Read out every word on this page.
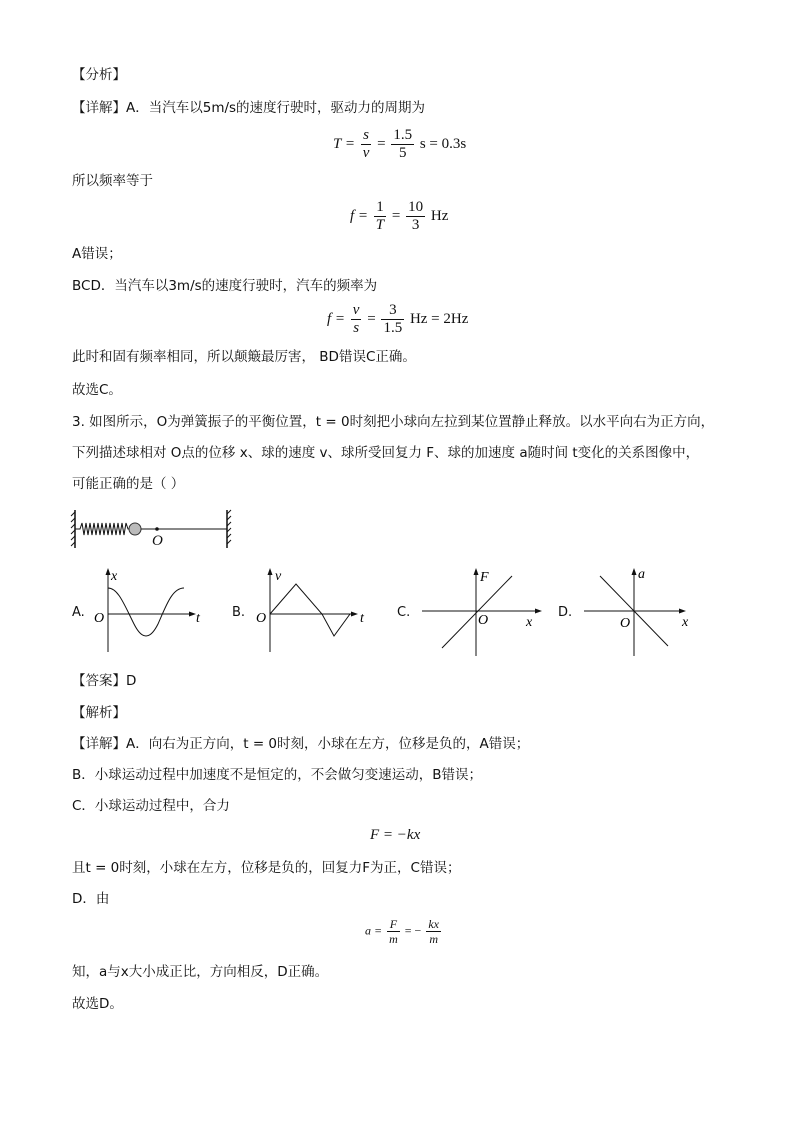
【分析】
【详解】A．当汽车以5m/s的速度行驶时，驱动力的周期为
$T = \frac{s}{v} = \frac{1.5}{5}$ s = 0.3s
所以频率等于
$f = \frac{1}{T} = \frac{10}{3}$ Hz
A错误；
BCD．当汽车以3m/s的速度行驶时，汽车的频率为
$f = \frac{v}{s} = \frac{3}{1.5}$ Hz = 2Hz
此时和固有频率相同，所以颠簸最厉害， BD错误C正确。
故选C。
3. 如图所示，O为弹簧振子的平衡位置，t = 0时刻把小球向左拉到某位置静止释放。以水平向右为正方向，
下列描述球相对 O点的位移 x、球的速度 v、球所受回复力 F、球的加速度 a随时间 t变化的关系图像中，
可能正确的是（ ）
O
A.
x
t
O	B.
v
t
O	C.
F
x
O
D.
a
x
O
【答案】D
【解析】
【详解】A．向右为正方向，t = 0时刻，小球在左方，位移是负的，A错误；
B．小球运动过程中加速度不是恒定的，不会做匀变速运动，B错误；
C．小球运动过程中，合力
F = −kx
且t = 0时刻，小球在左方，位移是负的，回复力F为正，C错误；
D．由
$a = \frac{F}{m}$ = − $\frac{kx}{m}$
知，a与x大小成正比，方向相反，D正确。
故选D。
